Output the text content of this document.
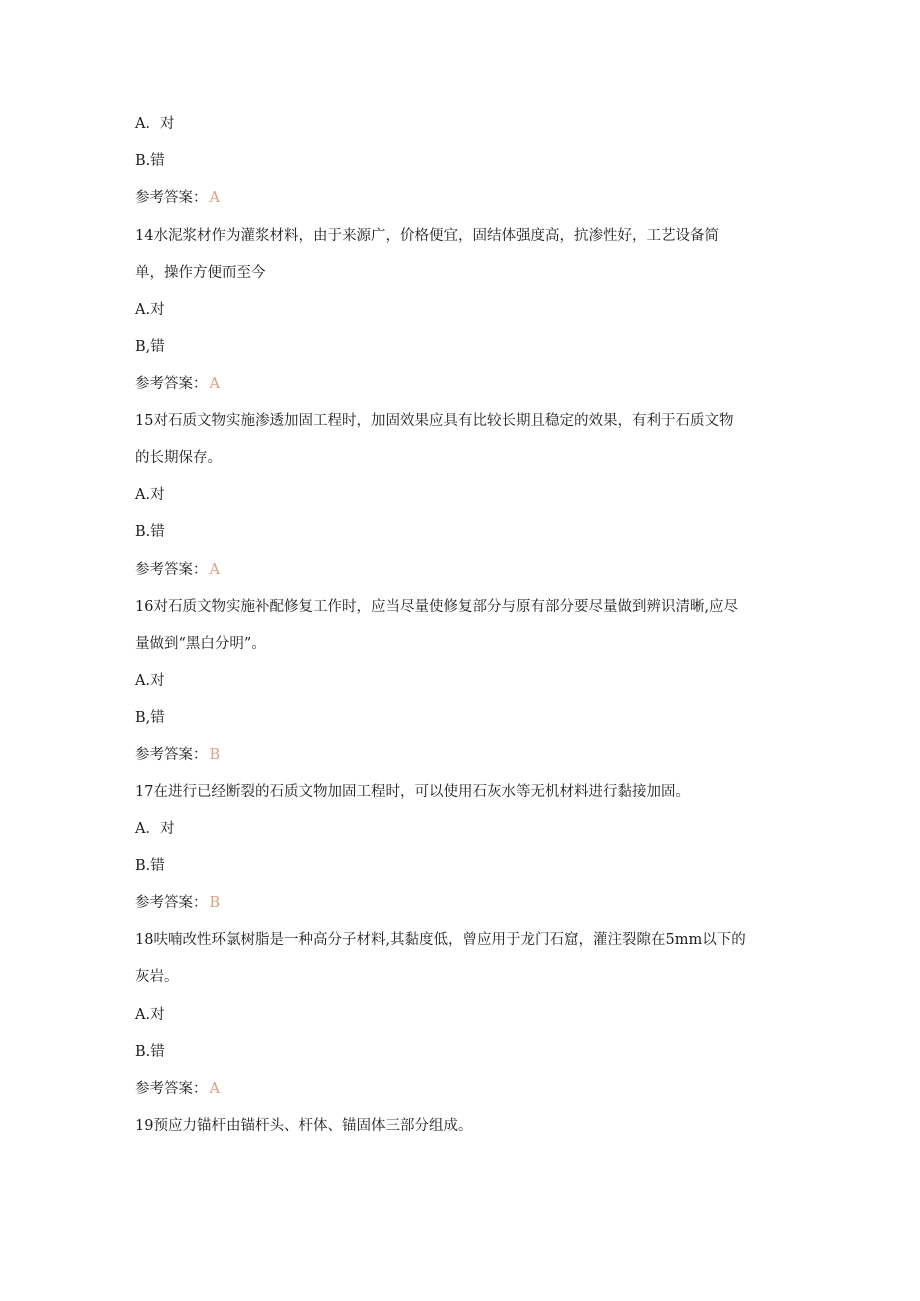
A．对
B.错
参考答案： A
14水泥浆材作为灌浆材料，由于来源广，价格便宜，固结体强度高，抗渗性好，工艺设备简
单，操作方便而至今
A.对
B,错
参考答案： A
15对石质文物实施渗透加固工程时，加固效果应具有比较长期且稳定的效果，有利于石质文物
的长期保存。
A.对
B.错
参考答案： A
16对石质文物实施补配修复工作时，应当尽量使修复部分与原有部分要尽量做到辨识清晰,应尽
量做到“黑白分明”。
A.对
B,错
参考答案： B
17在进行已经断裂的石质文物加固工程时，可以使用石灰水等无机材料进行黏接加固。
A．对
B.错
参考答案： B
18呋喃改性环氯树脂是一种高分子材料,其黏度低，曾应用于龙门石窟，灌注裂隙在5mm以下的
灰岩。
A.对
B.错
参考答案： A
19预应力锚杆由锚杆头、杆体、锚固体三部分组成。
